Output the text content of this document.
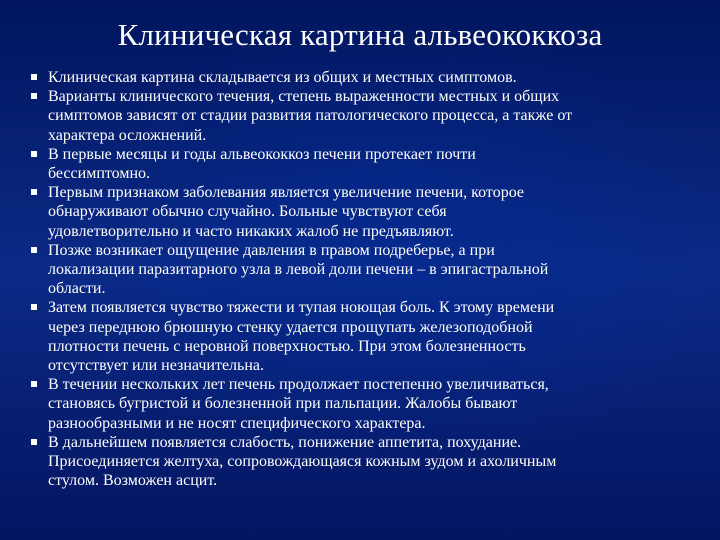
Клиническая картина альвеококкоза
Клиническая картина складывается из общих и местных симптомов.
Варианты клинического течения, степень выраженности местных и общих
симптомов зависят от стадии развития патологического процесса, а также от
характера осложнений.
В первые месяцы и годы альвеококкоз печени протекает почти
бессимптомно.
Первым признаком заболевания является увеличение печени, которое
обнаруживают обычно случайно. Больные чувствуют себя
удовлетворительно и часто никаких жалоб не предъявляют.
Позже возникает ощущение давления в правом подреберье, а при
локализации паразитарного узла в левой доли печени – в эпигастральной
области.
Затем появляется чувство тяжести и тупая ноющая боль. К этому времени
через переднюю брюшную стенку удается прощупать железоподобной
плотности печень с неровной поверхностью. При этом болезненность
отсутствует или незначительна.
В течении нескольких лет печень продолжает постепенно увеличиваться,
становясь бугристой и болезненной при пальпации. Жалобы бывают
разнообразными и не носят специфического характера.
В дальнейшем появляется слабость, понижение аппетита, похудание.
Присоединяется желтуха, сопровождающаяся кожным зудом и ахоличным
стулом. Возможен асцит.
